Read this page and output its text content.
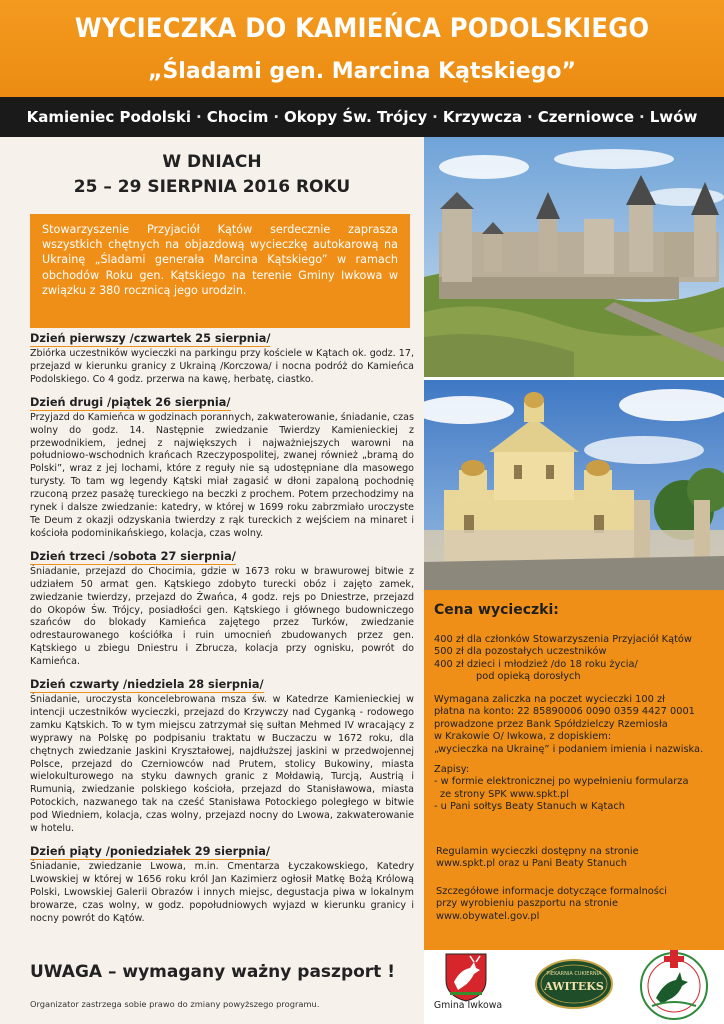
WYCIECZKA DO KAMIEŃCA PODOLSKIEGO
„Śladami gen. Marcina Kątskiego”
Kamieniec Podolski · Chocim · Okopy Św. Trójcy · Krzywcza · Czerniowce · Lwów
W DNIACH
25 – 29 SIERPNIA 2016 ROKU
Stowarzyszenie Przyjaciół Kątów serdecznie zaprasza wszystkich chętnych na objazdową wycieczkę autokarową na Ukrainę „Śladami generała Marcina Kątskiego” w ramach obchodów Roku gen. Kątskiego na terenie Gminy Iwkowa w związku z 380 rocznicą jego urodzin.
Dzień pierwszy /czwartek 25 sierpnia/
Zbiórka uczestników wycieczki na parkingu przy kościele w Kątach ok. godz. 17, przejazd w kierunku granicy z Ukrainą /Korczowa/ i nocna podróż do Kamieńca Podolskiego. Co 4 godz. przerwa na kawę, herbatę, ciastko.
Dzień drugi /piątek 26 sierpnia/
Przyjazd do Kamieńca w godzinach porannych, zakwaterowanie, śniadanie, czas wolny do godz. 14. Następnie zwiedzanie Twierdzy Kamienieckiej z przewodnikiem, jednej z największych i najważniejszych warowni na południowo-wschodnich krańcach Rzeczypospolitej, zwanej również „bramą do Polski”, wraz z jej lochami, które z reguły nie są udostępniane dla masowego turysty. To tam wg legendy Kątski miał zagasić w dłoni zapaloną pochodnię rzuconą przez pasażę tureckiego na beczki z prochem. Potem przechodzimy na rynek i dalsze zwiedzanie: katedry, w której w 1699 roku zabrzmiało uroczyste Te Deum z okazji odzyskania twierdzy z rąk tureckich z wejściem na minaret i kościoła podominikańskiego, kolacja, czas wolny.
Dzień trzeci /sobota 27 sierpnia/
Śniadanie, przejazd do Chocimia, gdzie w 1673 roku w brawurowej bitwie z udziałem 50 armat gen. Kątskiego zdobyto turecki obóz i zajęto zamek, zwiedzanie twierdzy, przejazd do Żwańca, 4 godz. rejs po Dniestrze, przejazd do Okopów Św. Trójcy, posiadłości gen. Kątskiego i głównego budowniczego szańców do blokady Kamieńca zajętego przez Turków, zwiedzanie odrestaurowanego kościółka i ruin umocnień zbudowanych przez gen. Kątskiego u zbiegu Dniestru i Zbrucza, kolacja przy ognisku, powrót do Kamieńca.
Dzień czwarty /niedziela 28 sierpnia/
Śniadanie, uroczysta koncelebrowana msza św. w Katedrze Kamienieckiej w intencji uczestników wycieczki, przejazd do Krzywczy nad Cyganką - rodowego zamku Kątskich. To w tym miejscu zatrzymał się sułtan Mehmed IV wracający z wyprawy na Polskę po podpisaniu traktatu w Buczaczu w 1672 roku, dla chętnych zwiedzanie Jaskini Kryształowej, najdłuższej jaskini w przedwojennej Polsce, przejazd do Czerniowców nad Prutem, stolicy Bukowiny, miasta wielokulturowego na styku dawnych granic z Mołdawią, Turcją, Austrią i Rumunią, zwiedzanie polskiego kościoła, przejazd do Stanisławowa, miasta Potockich, nazwanego tak na cześć Stanisława Potockiego poległego w bitwie pod Wiedniem, kolacja, czas wolny, przejazd nocny do Lwowa, zakwaterowanie w hotelu.
Dzień piąty /poniedziałek 29 sierpnia/
Śniadanie, zwiedzanie Lwowa, m.in. Cmentarza Łyczakowskiego, Katedry Lwowskiej w której w 1656 roku król Jan Kazimierz ogłosił Matkę Bożą Królową Polski, Lwowskiej Galerii Obrazów i innych miejsc, degustacja piwa w lokalnym browarze, czas wolny, w godz. popołudniowych wyjazd w kierunku granicy i nocny powrót do Kątów.
UWAGA – wymagany ważny paszport !
Organizator zastrzega sobie prawo do zmiany powyższego programu.
Cena wycieczki:
400 zł dla członków Stowarzyszenia Przyjaciół Kątów
500 zł dla pozostałych uczestników
400 zł dzieci i młodzież /do 18 roku życia/
pod opieką dorosłych
Wymagana zaliczka na poczet wycieczki 100 zł
płatna na konto: 22 85890006 0090 0359 4427 0001
prowadzone przez Bank Spółdzielczy Rzemiosła
w Krakowie O/ Iwkowa, z dopiskiem:
„wycieczka na Ukrainę” i podaniem imienia i nazwiska.
Zapisy:
- w formie elektronicznej po wypełnieniu formularza
ze strony SPK www.spkt.pl
- u Pani sołtys Beaty Stanuch w Kątach
Regulamin wycieczki dostępny na stronie
www.spkt.pl oraz u Pani Beaty Stanuch
Szczegółowe informacje dotyczące formalności
przy wyrobieniu paszportu na stronie
www.obywatel.gov.pl
Gmina Iwkowa
PIEKARNIA CUKIERNIA
AWITEKS
